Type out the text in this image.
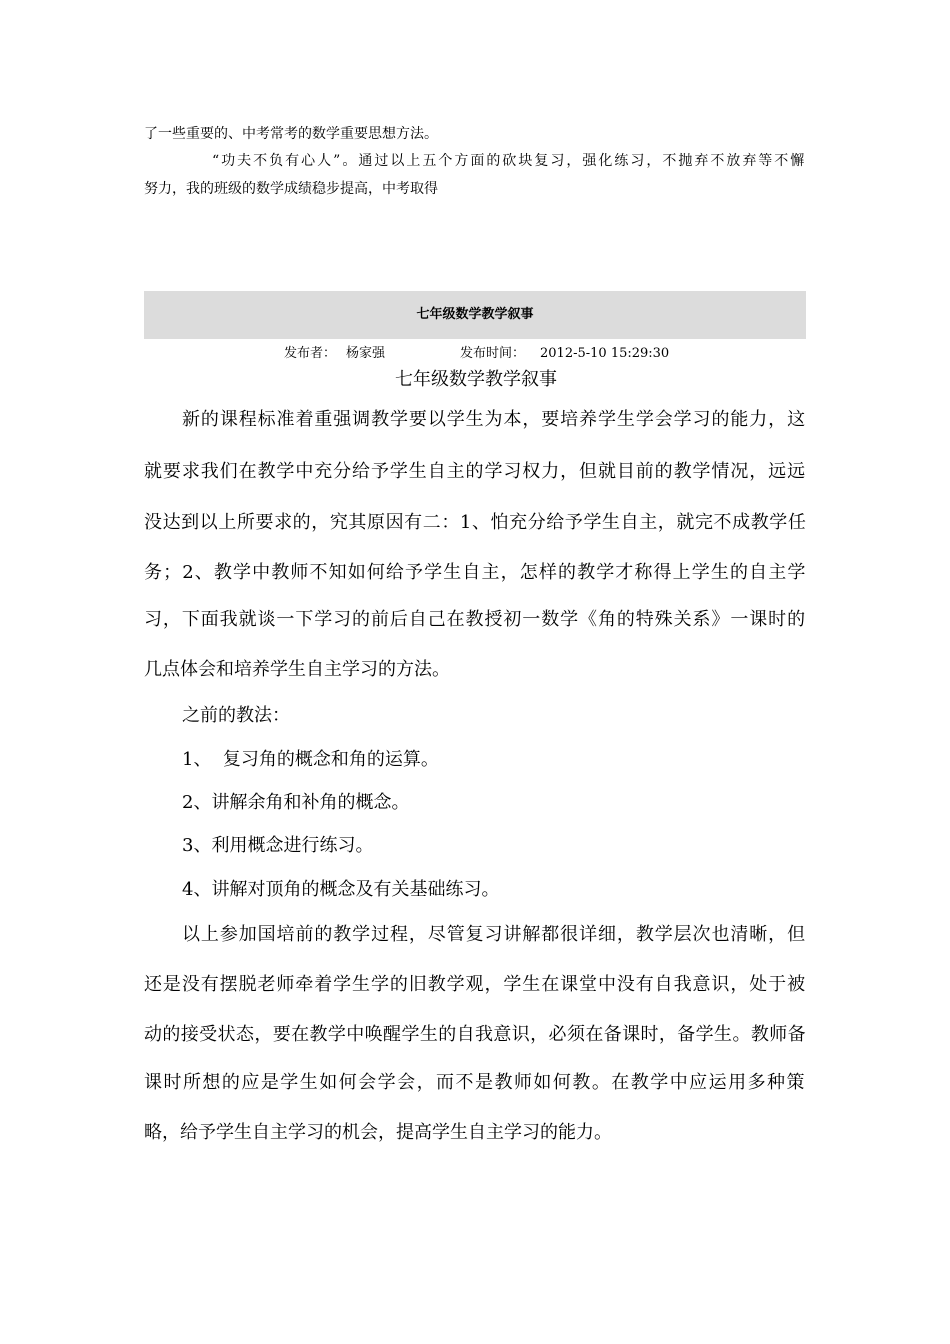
了一些重要的、中考常考的数学重要思想方法。
“功夫不负有心人”。通过以上五个方面的砍块复习，强化练习，不抛弃不放弃等不懈
努力，我的班级的数学成绩稳步提高，中考取得
七年级数学教学叙事
发布者： 杨家强	发布时间： 2012-5-10 15:29:30
七年级数学教学叙事
新的课程标准着重强调教学要以学生为本，要培养学生学会学习的能力，这
就要求我们在教学中充分给予学生自主的学习权力，但就目前的教学情况，远远
没达到以上所要求的，究其原因有二：1、怕充分给予学生自主，就完不成教学任
务；2、教学中教师不知如何给予学生自主，怎样的教学才称得上学生的自主学
习，下面我就谈一下学习的前后自己在教授初一数学《角的特殊关系》一课时的
几点体会和培养学生自主学习的方法。
之前的教法：
1、  复习角的概念和角的运算。
2、讲解余角和补角的概念。
3、利用概念进行练习。
4、讲解对顶角的概念及有关基础练习。
以上参加国培前的教学过程，尽管复习讲解都很详细，教学层次也清晰，但
还是没有摆脱老师牵着学生学的旧教学观，学生在课堂中没有自我意识，处于被
动的接受状态，要在教学中唤醒学生的自我意识，必须在备课时，备学生。教师备
课时所想的应是学生如何会学会，而不是教师如何教。在教学中应运用多种策
略，给予学生自主学习的机会，提高学生自主学习的能力。
